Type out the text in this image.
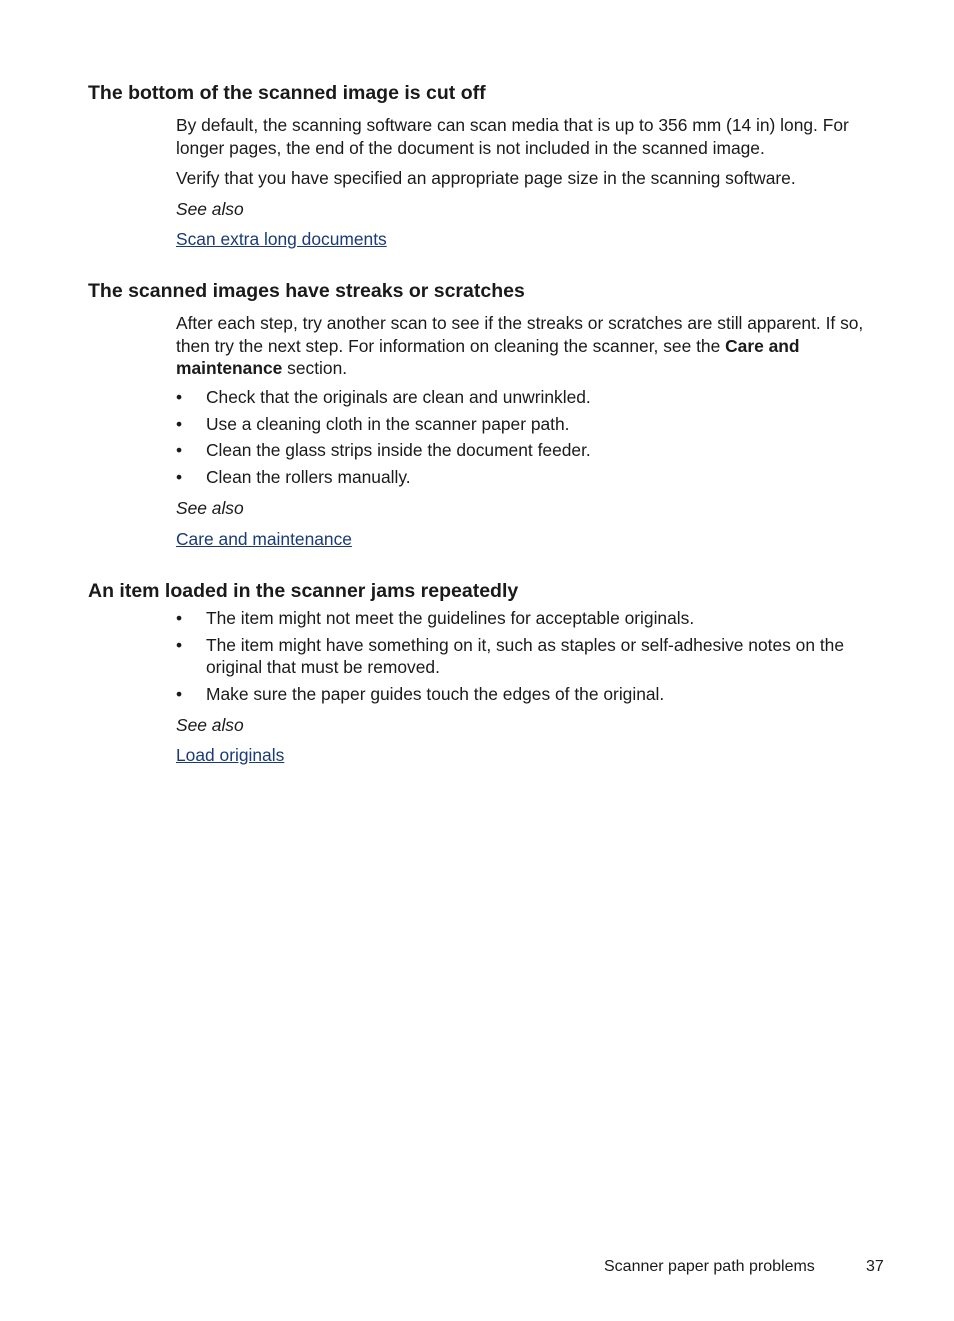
The bottom of the scanned image is cut off

By default, the scanning software can scan media that is up to 356 mm (14 in) long. For longer pages, the end of the document is not included in the scanned image.

Verify that you have specified an appropriate page size in the scanning software.

See also

Scan extra long documents
The scanned images have streaks or scratches

After each step, try another scan to see if the streaks or scratches are still apparent. If so, then try the next step. For information on cleaning the scanner, see the Care and maintenance section.

• Check that the originals are clean and unwrinkled.
• Use a cleaning cloth in the scanner paper path.
• Clean the glass strips inside the document feeder.
• Clean the rollers manually.

See also

Care and maintenance
An item loaded in the scanner jams repeatedly
• The item might not meet the guidelines for acceptable originals.
• The item might have something on it, such as staples or self-adhesive notes on the original that must be removed.
• Make sure the paper guides touch the edges of the original.

See also

Load originals
Scanner paper path problems	37
